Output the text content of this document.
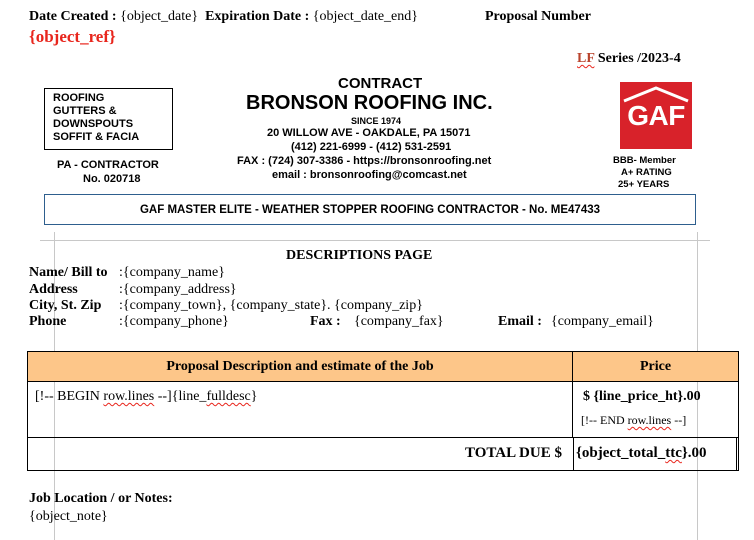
Date Created : {object_date} Expiration Date : {object_date_end}	Proposal Number
{object_ref}
LF Series /2023-4
ROOFING
GUTTERS &
DOWNSPOUTS
SOFFIT & FACIA
CONTRACT
BRONSON ROOFING INC.
SINCE 1974
20 WILLOW AVE - OAKDALE, PA 15071
(412) 221-6999 - (412) 531-2591
FAX : (724) 307-3386 - https://bronsonroofing.net
email : bronsonroofing@comcast.net
PA - CONTRACTOR
No. 020718
GAF
BBB- Member
A+ RATING
25+ YEARS
GAF MASTER ELITE - WEATHER STOPPER ROOFING CONTRACTOR - No. ME47433
DESCRIPTIONS PAGE
Name/ Bill to :{company_name}
Address	:{company_address}
City, St. Zip :{company_town}, {company_state}. {company_zip}
Phone	:{company_phone}	Fax : {company_fax}	Email : {company_email}
Proposal Description and estimate of the Job	Price
[!-- BEGIN row.lines --]{line_fulldesc}	$ {line_price_ht}.00
[!-- END row.lines --]
TOTAL DUE $ {object_total_ttc}.00
Job Location / or Notes:
{object_note}
